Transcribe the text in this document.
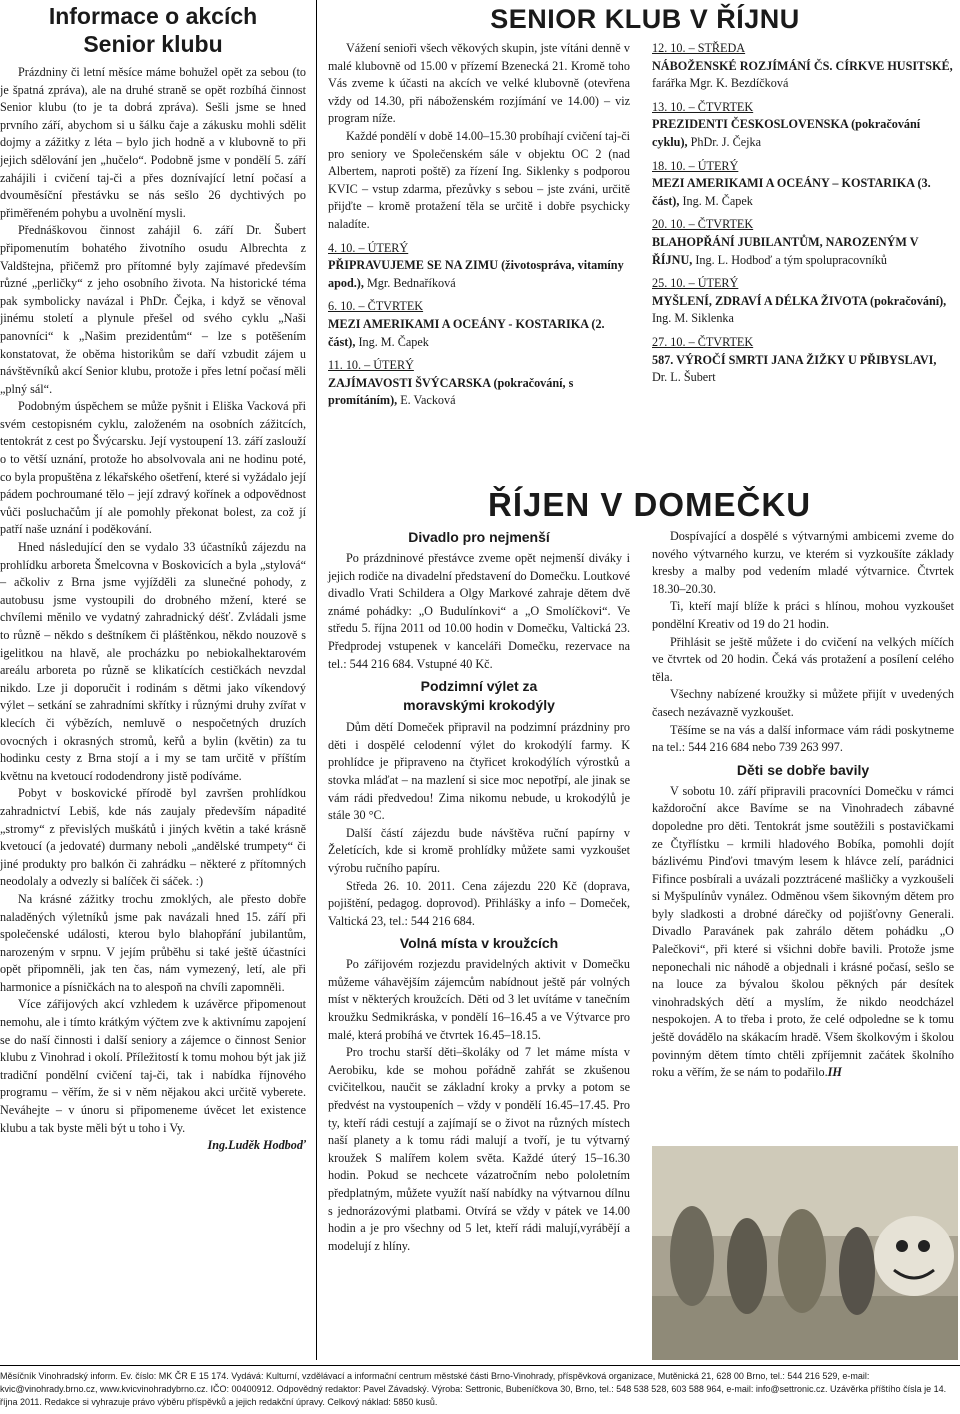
Informace o akcích
Senior klubu

Prázdniny či letní měsíce máme bohužel opět za sebou (to je špatná zpráva), ale na druhé straně se opět rozbíhá činnost Senior klubu (to je ta dobrá zpráva). Sešli jsme se hned prvního září, abychom si u šálku čaje a zákusku mohli sdělit dojmy a zážitky z léta – bylo jich hodně a v klubovně to při jejich sdělování jen „hučelo“. Podobně jsme v pondělí 5. září zahájili i cvičení taj-či a přes doznívající letní počasí a dvouměsíční přestávku se nás sešlo 26 dychtivých po přiměřeném pohybu a uvolnění mysli.

Přednáškovou činnost zahájil 6. září Dr. Šubert připomenutím bohatého životního osudu Albrechta z Valdštejna, přičemž pro přítomné byly zajímavé především různé „perličky“ z jeho osobního života. Na historické téma pak symbolicky navázal i PhDr. Čejka, i když se věnoval jinému století a plynule přešel od svého cyklu „Naši panovníci“ k „Našim prezidentům“ – lze s potěšením konstatovat, že oběma historikům se daří vzbudit zájem u návštěvníků akcí Senior klubu, protože i přes letní počasí měli „plný sál“.

Podobným úspěchem se může pyšnit i Eliška Vacková při svém cestopisném cyklu, založeném na osobních zážitcích, tentokrát z cest po Švýcarsku. Její vystoupení 13. září zaslouží o to větší uznání, protože ho absolvovala ani ne hodinu poté, co byla propuštěna z lékařského ošetření, které si vyžádalo její pádem pochroumané tělo – její zdravý kořínek a odpovědnost vůči posluchačům jí ale pomohly překonat bolest, za což jí patří naše uznání i poděkování.

Hned následující den se vydalo 33 účastníků zájezdu na prohlídku arboreta Šmelcovna v Boskovicích a byla „stylová“ – ačkoliv z Brna jsme vyjížděli za slunečné pohody, z autobusu jsme vystoupili do drobného mžení, které se chvílemi měnilo ve vydatný zahradnický déšť. Zvládali jsme to různě – někdo s deštníkem či pláštěnkou, někdo nouzově s igelitkou na hlavě, ale procházku po nebiokalhektarovém areálu arboreta po různě se klikatících cestičkách nevzdal nikdo. Lze ji doporučit i rodinám s dětmi jako víkendový výlet – setkání se zahradními skřítky i různými druhy zvířat v klecích či výbězích, nemluvě o nespočetných druzích ovocných i okrasných stromů, keřů a bylin (květin) za tu hodinku cesty z Brna stojí a i my se tam určitě v příštím květnu na kvetoucí rododendrony jistě podíváme.

Pobyt v boskovické přírodě byl završen prohlídkou zahradnictví Lebiš, kde nás zaujaly především nápadité „stromy“ z převislých muškátů i jiných květin a také krásně kvetoucí (a jedovaté) durmany neboli „andělské trumpety“ či jiné produkty pro balkón či zahrádku – některé z přítomných neodolaly a odvezly si balíček či sáček. :)

Na krásné zážitky trochu zmoklých, ale přesto dobře naladěných výletníků jsme pak navázali hned 15. září při společenské události, kterou bylo blahopřání jubilantům, narozeným v srpnu. V jejím průběhu si také ještě účastníci opět připomněli, jak ten čas, nám vymezený, letí, ale při harmonice a písničkách na to alespoň na chvíli zapomněli.

Více zářijových akcí vzhledem k uzávěrce připomenout nemohu, ale i tímto krátkým výčtem zve k aktivnímu zapojení se do naší činnosti i další seniory a zájemce o činnost Senior klubu z Vinohrad i okolí. Příležitostí k tomu mohou být jak již tradiční pondělní cvičení taj-či, tak i nabídka říjnového programu – věřím, že si v něm nějakou akci určitě vyberete. Neváhejte – v únoru si připomeneme úvěcet let existence klubu a tak byste měli být u toho i Vy.

Ing.Luděk Hodboď
SENIOR KLUB V ŘÍJNU

Vážení senioři všech věkových skupin, jste vítáni denně v malé klubovně od 15.00 v přízemí Bzenecká 21. Kromě toho Vás zveme k účasti na akcích ve velké klubovně (otevřena vždy od 14.30, při náboženském rozjímání ve 14.00) – viz program níže.

Každé pondělí v době 14.00–15.30 probíhají cvičení taj-či pro seniory ve Společenském sále v objektu OC 2 (nad Albertem, naproti poště) za řízení Ing. Siklenky s podporou KVIC – vstup zdarma, přezůvky s sebou – jste zváni, určitě přijďte – kromě protažení těla se určitě i dobře psychicky naladíte.

4. 10. – ÚTERÝ
PŘIPRAVUJEME SE NA ZIMU (životospráva, vitamíny apod.), Mgr. Bednaříková
6. 10. – ČTVRTEK
MEZI AMERIKAMI A OCEÁNY - KOSTARIKA (2. část), Ing. M. Čapek
11. 10. – ÚTERÝ
ZAJÍMAVOSTI ŠVÝCARSKA (pokračování, s promítáním), E. Vacková
12. 10. – STŘEDA
NÁBOŽENSKÉ ROZJÍMÁNÍ ČS. CÍRKVE HUSITSKÉ, farářka Mgr. K. Bezdíčková
13. 10. – ČTVRTEK
PREZIDENTI ČESKOSLOVENSKA (pokračování cyklu), PhDr. J. Čejka
18. 10. – ÚTERÝ
MEZI AMERIKAMI A OCEÁNY – KOSTARIKA (3. část), Ing. M. Čapek
20. 10. – ČTVRTEK
BLAHOPŘÁNÍ JUBILANTŮM, NAROZENÝM V ŘÍJNU, Ing. L. Hodboď a tým spolupracovníků
25. 10. – ÚTERÝ
MYŠLENÍ, ZDRAVÍ A DÉLKA ŽIVOTA (pokračování), Ing. M. Siklenka
27. 10. – ČTVRTEK
587. VÝROČÍ SMRTI JANA ŽIŽKY U PŘIBYSLAVI, Dr. L. Šubert
ŘÍJEN V DOMEČKU
Divadlo pro nejmenší

Po prázdninové přestávce zveme opět nejmenší diváky i jejich rodiče na divadelní představení do Domečku. Loutkové divadlo Vrati Schildera a Olgy Markové zahraje dětem dvě známé pohádky: „O Budulínkovi“ a „O Smolíčkovi“. Ve středu 5. října 2011 od 10.00 hodin v Domečku, Valtická 23. Předprodej vstupenek v kanceláři Domečku, rezervace na tel.: 544 216 684. Vstupné 40 Kč.

Podzimní výlet za moravskými krokodýly

Dům dětí Domeček připravil na podzimní prázdniny pro děti i dospělé celodenní výlet do krokodýlí farmy. K prohlídce je připraveno na čtyřicet krokodýlích výrostků a stovka mláďat – na mazlení si sice moc nepotřpí, ale jinak se vám rádi předvedou! Zima nikomu nebude, u krokodýlů je stále 30 °C.

Další částí zájezdu bude návštěva ruční papírny v Želetících, kde si kromě prohlídky můžete sami vyzkoušet výrobu ručního papíru.

Středa 26. 10. 2011. Cena zájezdu 220 Kč (doprava, pojištění, pedagog. doprovod). Přihlášky a info – Domeček, Valtická 23, tel.: 544 216 684.

Volná místa v kroužcích

Po zářijovém rozjezdu pravidelných aktivit v Domečku můžeme váhavějším zájemcům nabídnout ještě pár volných míst v některých kroužcích. Děti od 3 let uvítáme v tanečním kroužku Sedmikráska, v pondělí 16–16.45 a ve Výtvarce pro malé, která probíhá ve čtvrtek 16.45–18.15.

Pro trochu starší děti–školáky od 7 let máme místa v Aerobiku, kde se mohou pořádně zahřát se zkušenou cvičitelkou, naučit se základní kroky a prvky a potom se předvést na vystoupeních – vždy v pondělí 16.45–17.45. Pro ty, kteří rádi cestují a zajímají se o život na různých místech naší planety a k tomu rádi malují a tvoří, je tu výtvarný kroužek S malířem kolem světa. Každé úterý 15–16.30 hodin. Pokud se nechcete vázatročním nebo pololetním předplatným, můžete využít naší nabídky na výtvarnou dílnu s jednorázovými platbami. Otvírá se vždy v pátek ve 14.00 hodin a je pro všechny od 5 let, kteří rádi malují,vyrábějí a modelují z hlíny.

Dospívající a dospělé s výtvarnými ambicemi zveme do nového výtvarného kurzu, ve kterém si vyzkoušíte základy kresby a malby pod vedením mladé výtvarnice. Čtvrtek 18.30–20.30.

Ti, kteří mají blíže k práci s hlínou, mohou vyzkoušet pondělní Kreativ od 19 do 21 hodin.

Přihlásit se ještě můžete i do cvičení na velkých míčích ve čtvrtek od 20 hodin. Čeká vás protažení a posílení celého těla.

Všechny nabízené kroužky si můžete přijít v uvedených časech nezávazně vyzkoušet.

Těšíme se na vás a další informace vám rádi poskytneme na tel.: 544 216 684 nebo 739 263 997.

Děti se dobře bavily

V sobotu 10. září připravili pracovníci Domečku v rámci každoroční akce Bavíme se na Vinohradech zábavné dopoledne pro děti. Tentokrát jsme soutěžili s postavičkami ze Čtyřlístku – krmili hladového Bobíka, pomohli dojít bázlivému Pinďovi tmavým lesem k hlávce zelí, parádnici Fifince posbírali a uvázali pozztrácené mašličky a vyzkoušeli si Myšpulínův vynález. Odměnou všem šikovným dětem pro byly sladkosti a drobné dárečky od pojišťovny Generali. Divadlo Paravánek pak zahrálo dětem pohádku „O Palečkovi“, při které si všichni dobře bavili. Protože jsme neponechali nic náhodě a objednali i krásné počasí, sešlo se na louce za bývalou školou pěkných pár desítek vinohradských dětí a myslím, že nikdo neodcházel nespokojen. A to třeba i proto, že celé odpoledne se k tomu ještě dovádělo na skákacím hradě. Všem školkovým i školou povinným dětem tímto chtěli zpříjemnit začátek školního roku a věřím, že se nám to podařilo.IH

Měsíčník Vinohradský inform. Ev. číslo: MK ČR E 15 174. Vydává: Kulturní, vzdělávací a informační centrum městské části Brno-Vinohrady, příspěvková organizace, Mutěnická 21, 628 00 Brno, tel.: 544 216 529, e-mail: kvic@vinohrady.brno.cz, www.kvicvinohradybrno.cz. IČO: 00400912. Odpovědný redaktor: Pavel Závadský. Výroba: Settronic, Bubeníčkova 30, Brno, tel.: 548 538 528, 603 588 964, e-mail: info@settronic.cz. Uzávěrka příštího čísla je 14. října 2011. Redakce si vyhrazuje právo výběru příspěvků a jejich redakční úpravy. Celkový náklad: 5850 kusů.
